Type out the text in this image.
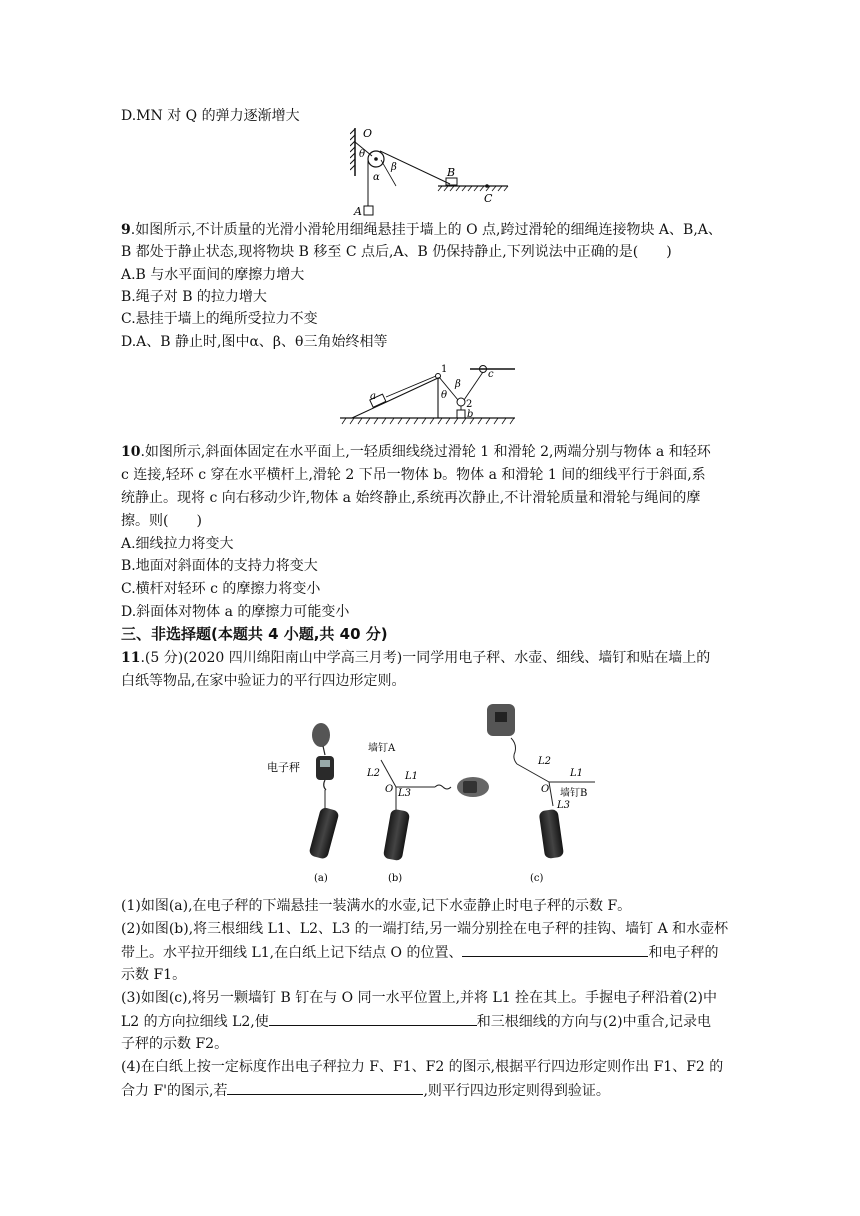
D.MN 对 Q 的弹力逐渐增大
O
θ
β
α
A
B
C
9.如图所示,不计质量的光滑小滑轮用细绳悬挂于墙上的 O 点,跨过滑轮的细绳连接物块 A、B,A、
B 都处于静止状态,现将物块 B 移至 C 点后,A、B 仍保持静止,下列说法中正确的是(　　)
A.B 与水平面间的摩擦力增大
B.绳子对 B 的拉力增大
C.悬挂于墙上的绳所受拉力不变
D.A、B 静止时,图中α、β、θ三角始终相等
a
1
β
θ
c
2
b
10.如图所示,斜面体固定在水平面上,一轻质细线绕过滑轮 1 和滑轮 2,两端分别与物体 a 和轻环
c 连接,轻环 c 穿在水平横杆上,滑轮 2 下吊一物体 b。物体 a 和滑轮 1 间的细线平行于斜面,系
统静止。现将 c 向右移动少许,物体 a 始终静止,系统再次静止,不计滑轮质量和滑轮与绳间的摩
擦。则(　　)
A.细线拉力将变大
B.地面对斜面体的支持力将变大
C.横杆对轻环 c 的摩擦力将变小
D.斜面体对物体 a 的摩擦力可能变小
三、非选择题(本题共 4 小题,共 40 分)
11.(5 分)(2020 四川绵阳南山中学高三月考)一同学用电子秤、水壶、细线、墙钉和贴在墙上的
白纸等物品,在家中验证力的平行四边形定则。
电子秤
(a)
墙钉A
L2 L1
O L3
(b)
L2
L1
O 墙钉B
L3
(c)
(1)如图(a),在电子秤的下端悬挂一装满水的水壶,记下水壶静止时电子秤的示数 F。
(2)如图(b),将三根细线 L1、L2、L3 的一端打结,另一端分别拴在电子秤的挂钩、墙钉 A 和水壶杯
带上。水平拉开细线 L1,在白纸上记下结点 O 的位置、	和电子秤的
示数 F1。
(3)如图(c),将另一颗墙钉 B 钉在与 O 同一水平位置上,并将 L1 拴在其上。手握电子秤沿着(2)中
L2 的方向拉细线 L2,使	和三根细线的方向与(2)中重合,记录电
子秤的示数 F2。
(4)在白纸上按一定标度作出电子秤拉力 F、F1、F2 的图示,根据平行四边形定则作出 F1、F2 的
合力 F'的图示,若	,则平行四边形定则得到验证。
